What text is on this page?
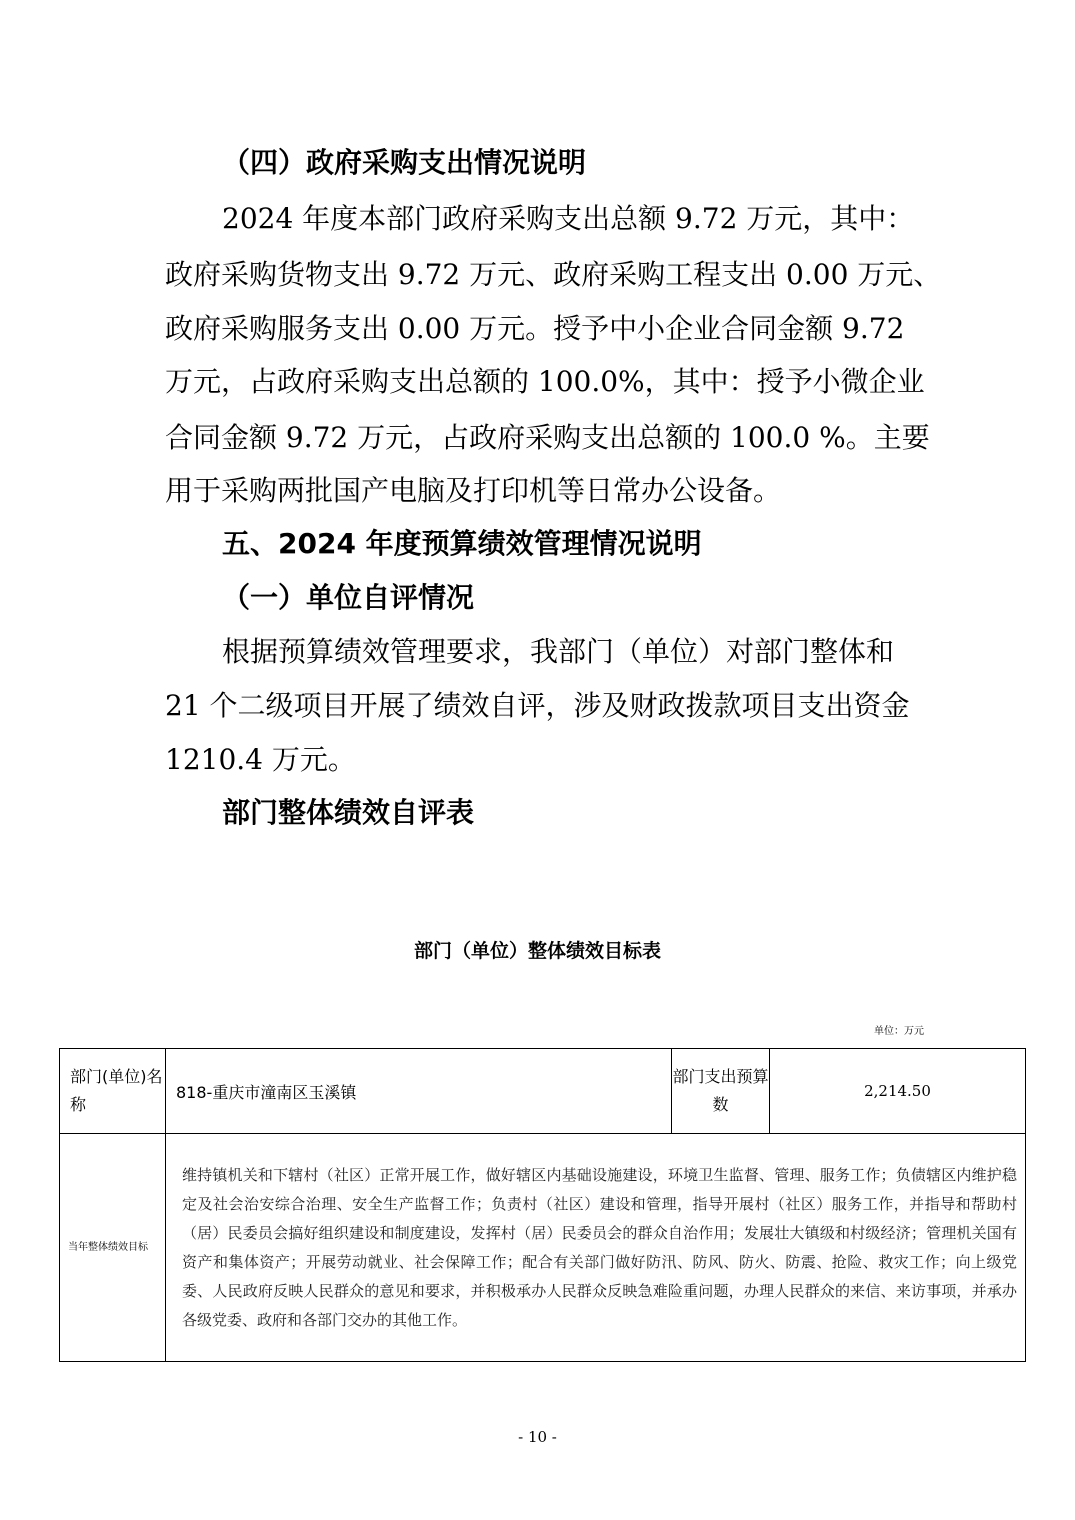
（四）政府采购支出情况说明
2024 年度本部门政府采购支出总额 9.72 万元，其中：
政府采购货物支出 9.72 万元、政府采购工程支出 0.00 万元、
政府采购服务支出 0.00 万元。授予中小企业合同金额 9.72
万元，占政府采购支出总额的 100.0%，其中：授予小微企业
合同金额 9.72 万元，占政府采购支出总额的 100.0 %。主要
用于采购两批国产电脑及打印机等日常办公设备。
五、2024 年度预算绩效管理情况说明
（一）单位自评情况
根据预算绩效管理要求，我部门（单位）对部门整体和
21 个二级项目开展了绩效自评，涉及财政拨款项目支出资金
1210.4 万元。
部门整体绩效自评表
部门（单位）整体绩效目标表
单位：万元
部门(单位)名称	818-重庆市潼南区玉溪镇	部门支出预算数	2,214.50
当年整体绩效目标	维持镇机关和下辖村（社区）正常开展工作，做好辖区内基础设施建设，环境卫生监督、管理、服务工作；负债辖区内维护稳定及社会治安综合治理、安全生产监督工作；负责村（社区）建设和管理，指导开展村（社区）服务工作，并指导和帮助村（居）民委员会搞好组织建设和制度建设，发挥村（居）民委员会的群众自治作用；发展壮大镇级和村级经济；管理机关国有资产和集体资产；开展劳动就业、社会保障工作；配合有关部门做好防汛、防风、防火、防震、抢险、救灾工作；向上级党委、人民政府反映人民群众的意见和要求，并积极承办人民群众反映急难险重问题，办理人民群众的来信、来访事项，并承办各级党委、政府和各部门交办的其他工作。		
- 10 -
